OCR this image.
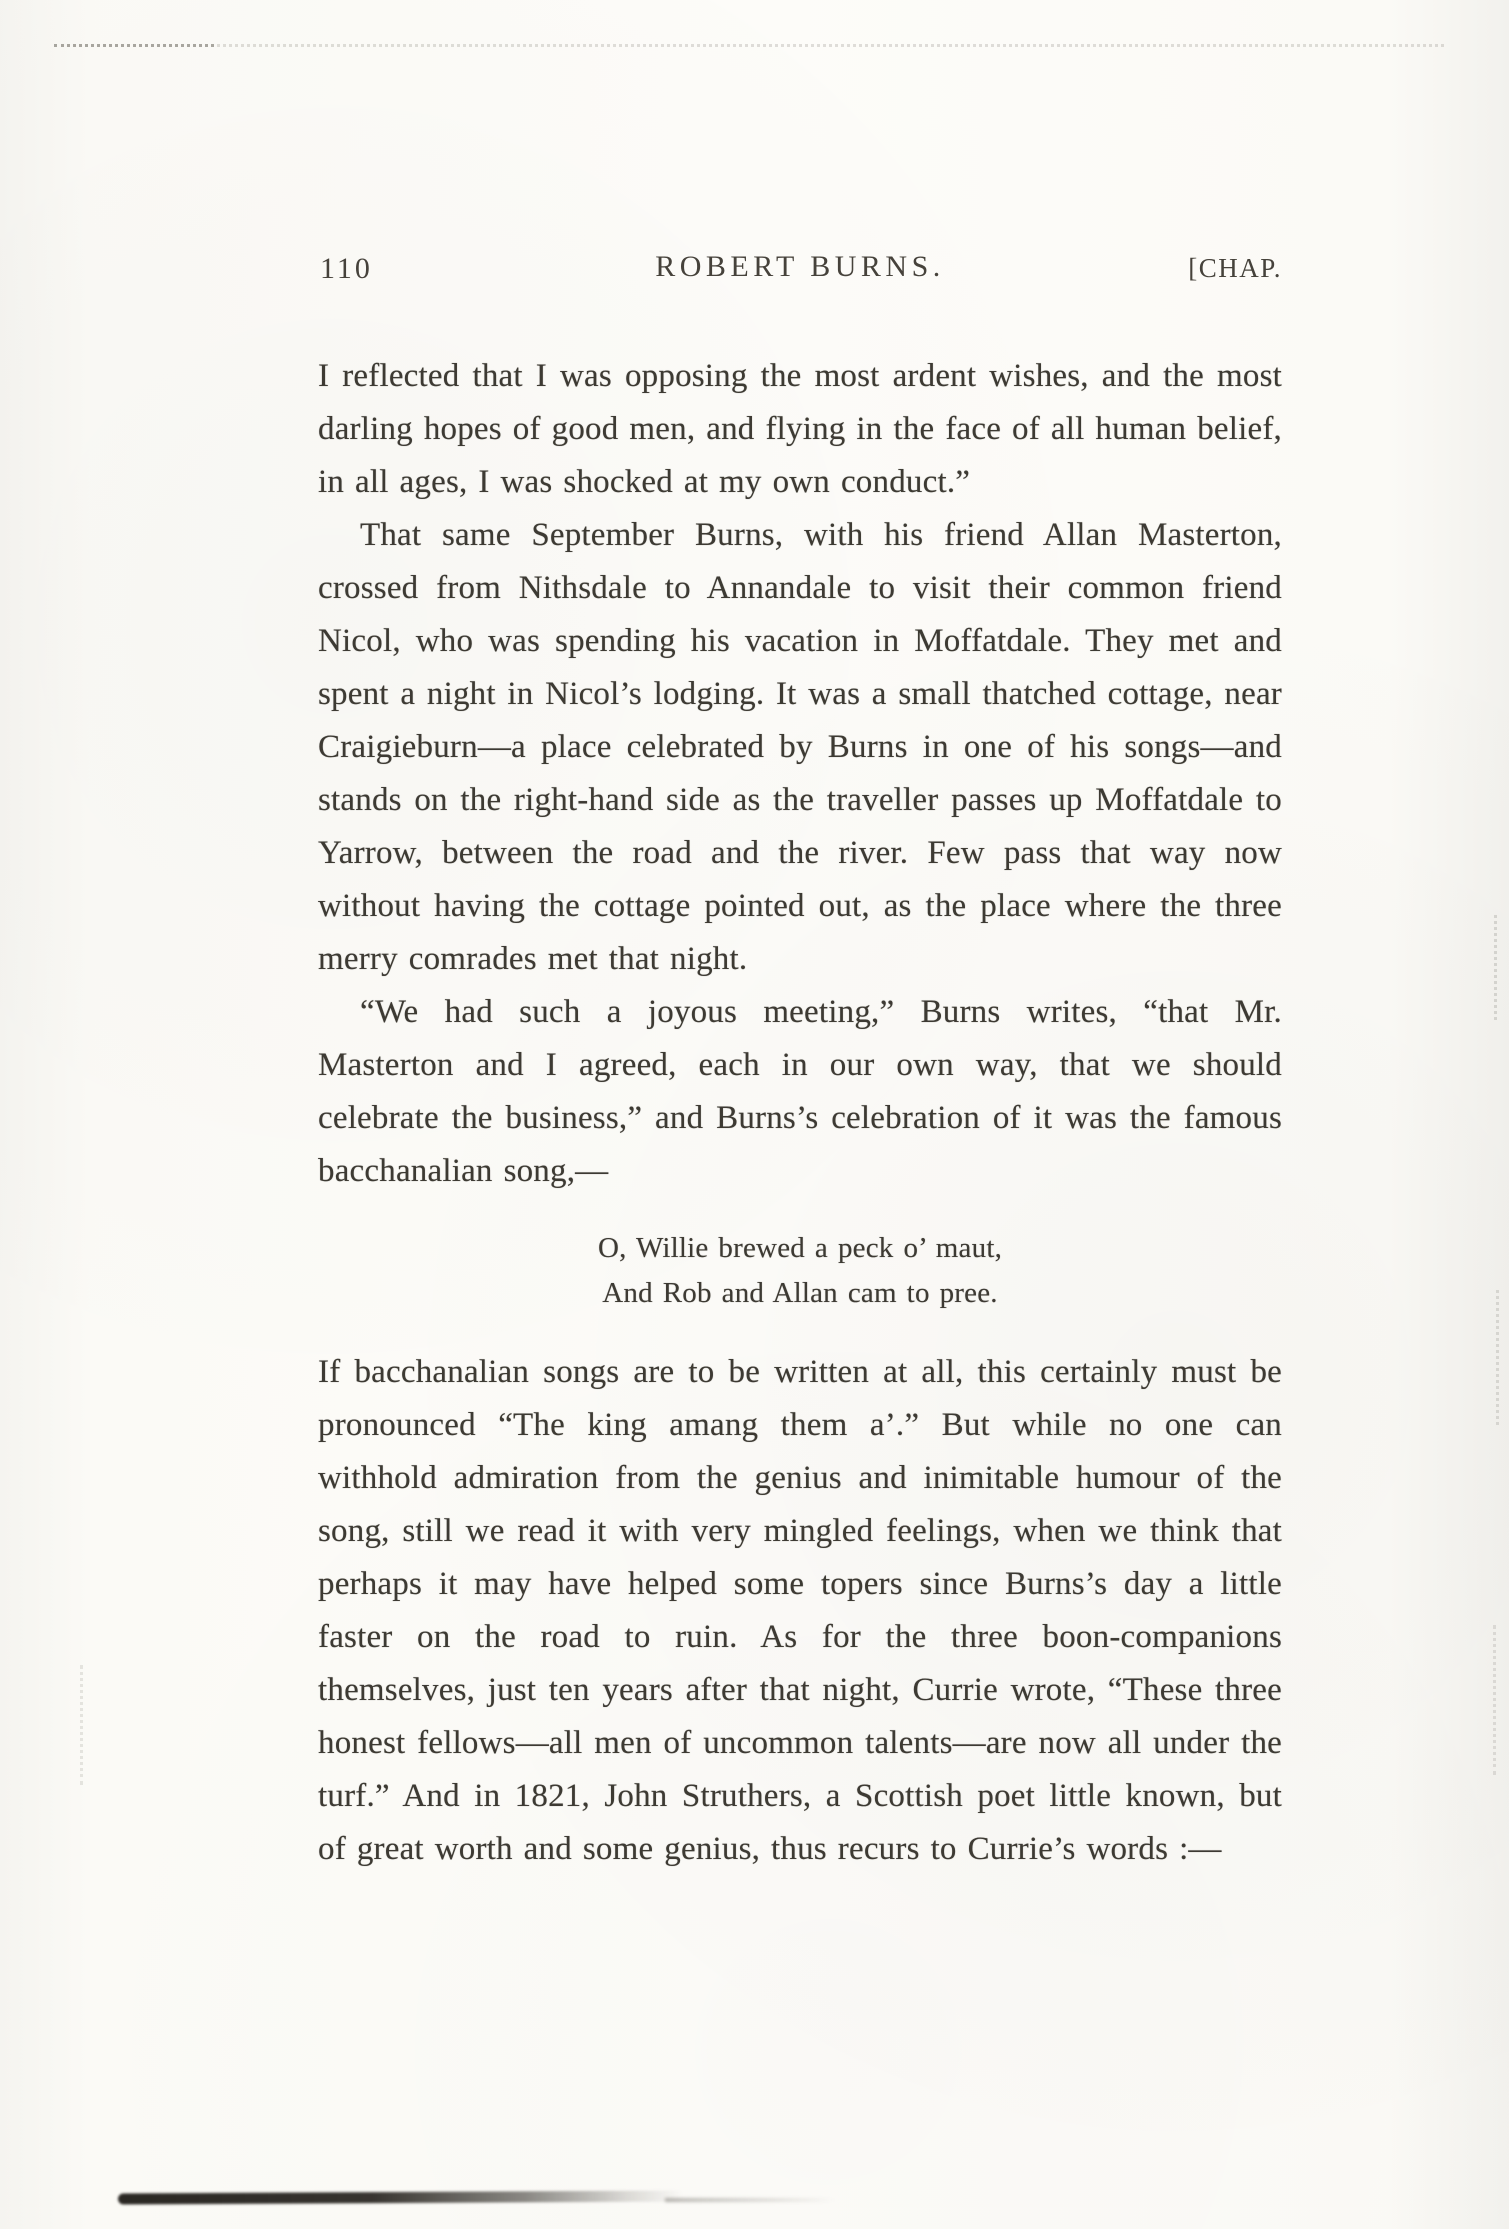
110	ROBERT BURNS.	[CHAP.

I reflected that I was opposing the most ardent wishes, and the most darling hopes of good men, and flying in the face of all human belief, in all ages, I was shocked at my own conduct.”

That same September Burns, with his friend Allan Masterton, crossed from Nithsdale to Annandale to visit their common friend Nicol, who was spending his vacation in Moffatdale. They met and spent a night in Nicol’s lodging. It was a small thatched cottage, near Craigieburn—a place celebrated by Burns in one of his songs—and stands on the right-hand side as the traveller passes up Moffatdale to Yarrow, between the road and the river. Few pass that way now without having the cottage pointed out, as the place where the three merry comrades met that night.

“We had such a joyous meeting,” Burns writes, “that Mr. Masterton and I agreed, each in our own way, that we should celebrate the business,” and Burns’s celebration of it was the famous bacchanalian song,—

O, Willie brewed a peck o’ maut,
And Rob and Allan cam to pree.

If bacchanalian songs are to be written at all, this certainly must be pronounced “The king amang them a’.” But while no one can withhold admiration from the genius and inimitable humour of the song, still we read it with very mingled feelings, when we think that perhaps it may have helped some topers since Burns’s day a little faster on the road to ruin. As for the three boon-companions themselves, just ten years after that night, Currie wrote, “These three honest fellows—all men of uncommon talents—are now all under the turf.” And in 1821, John Struthers, a Scottish poet little known, but of great worth and some genius, thus recurs to Currie’s words :—
